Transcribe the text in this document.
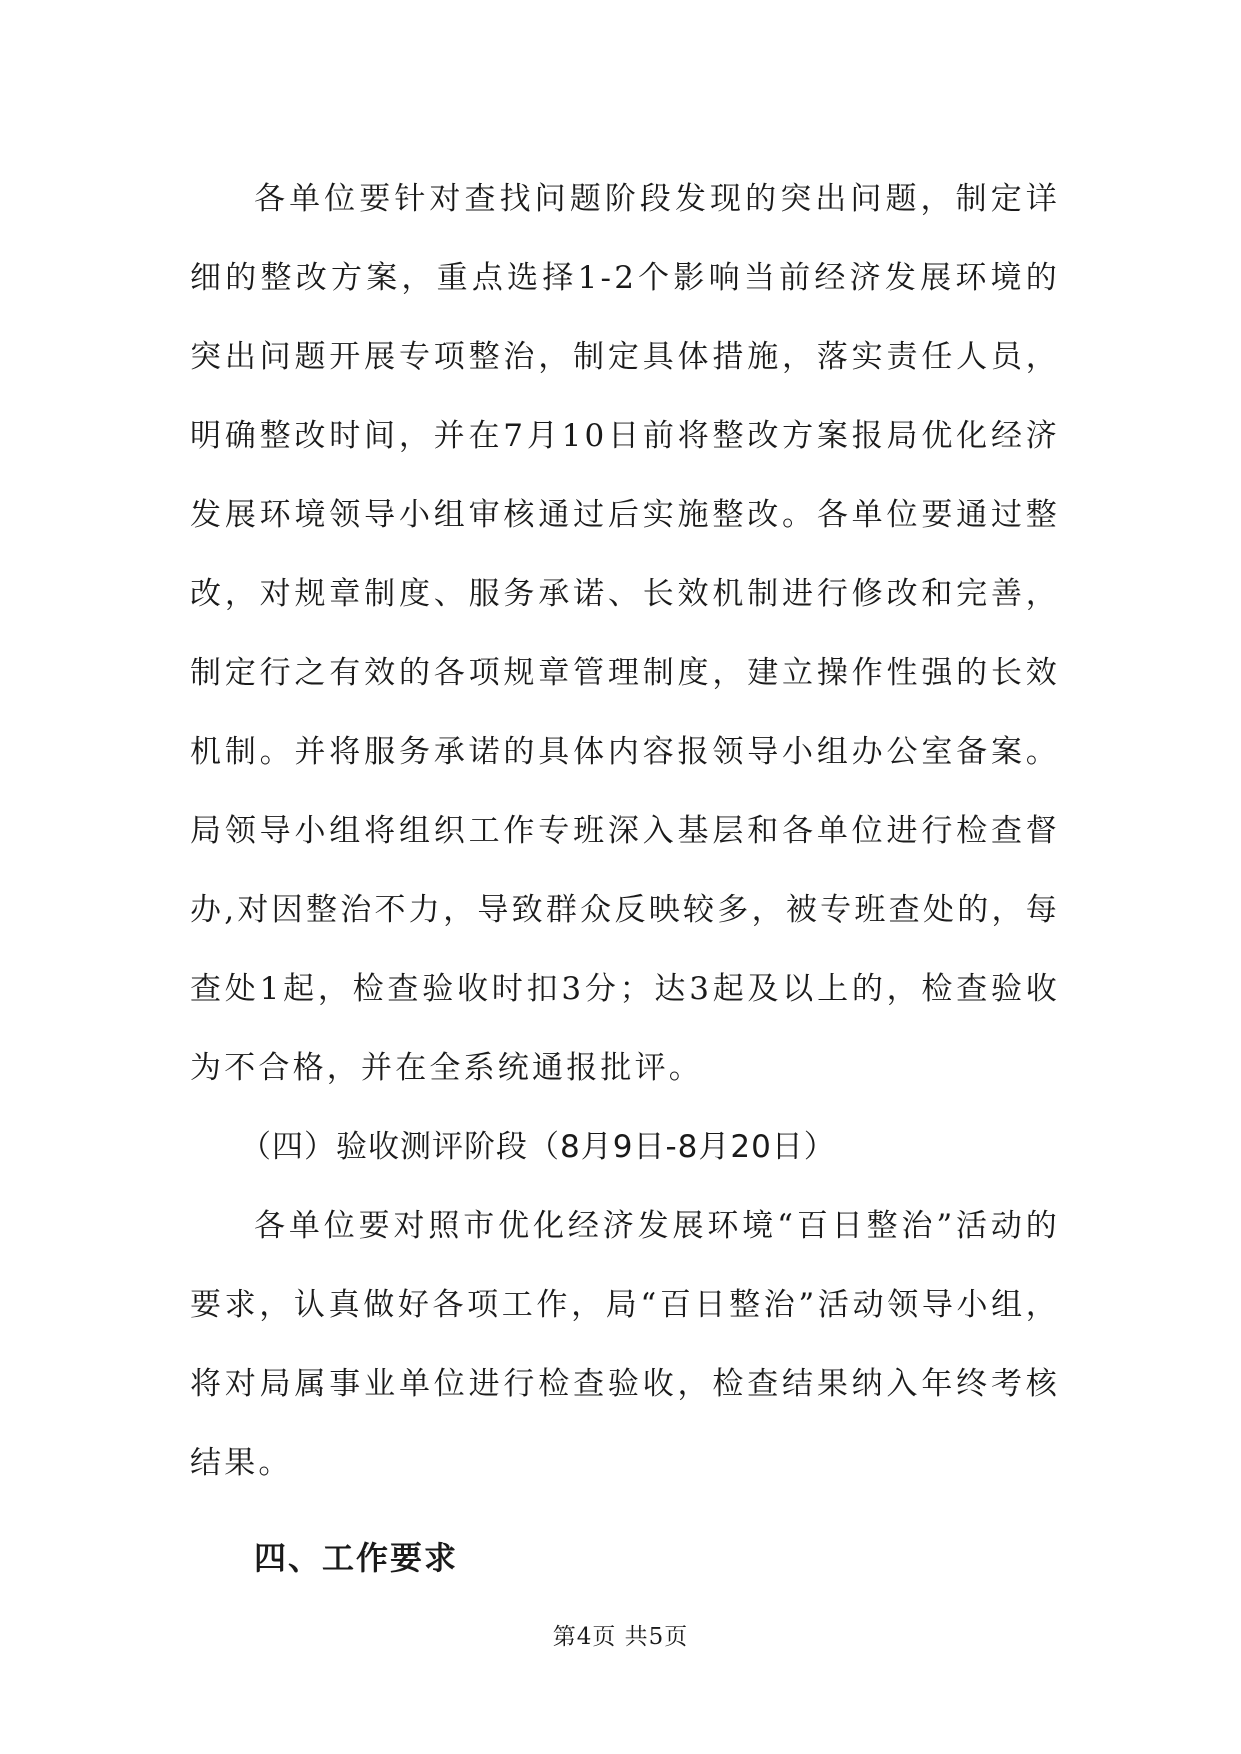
各单位要针对查找问题阶段发现的突出问题，制定详细的整改方案，重点选择1-2个影响当前经济发展环境的突出问题开展专项整治，制定具体措施，落实责任人员，明确整改时间，并在7月10日前将整改方案报局优化经济发展环境领导小组审核通过后实施整改。各单位要通过整改，对规章制度、服务承诺、长效机制进行修改和完善，制定行之有效的各项规章管理制度，建立操作性强的长效机制。并将服务承诺的具体内容报领导小组办公室备案。局领导小组将组织工作专班深入基层和各单位进行检查督办,对因整治不力，导致群众反映较多，被专班查处的，每查处1起，检查验收时扣3分；达3起及以上的，检查验收为不合格，并在全系统通报批评。

（四）验收测评阶段（8月9日-8月20日）

各单位要对照市优化经济发展环境“百日整治”活动的要求，认真做好各项工作，局“百日整治”活动领导小组，将对局属事业单位进行检查验收，检查结果纳入年终考核结果。

四、工作要求

第4页 共5页
